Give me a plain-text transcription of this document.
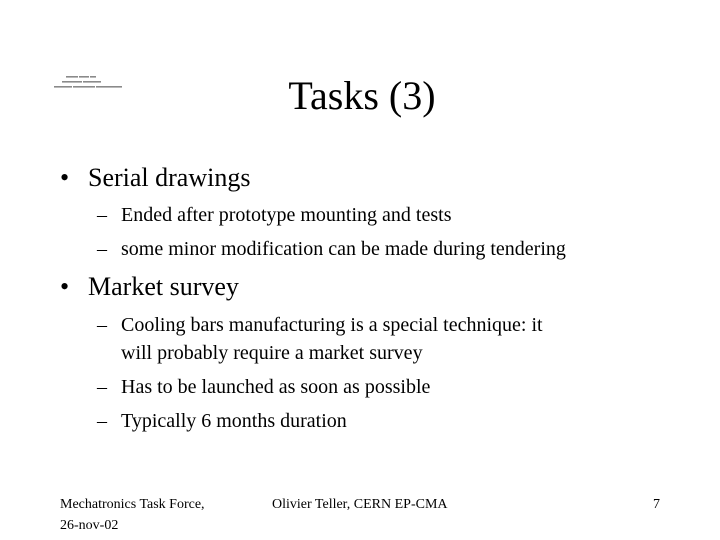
Tasks (3)
• Serial drawings
– Ended after prototype mounting and tests
– some minor modification can be made during tendering
• Market survey
– Cooling bars manufacturing is a special technique: it
will probably require a market survey
– Has to be launched as soon as possible
– Typically 6 months duration
Mechatronics Task Force,
26-nov-02
Olivier Teller, CERN EP-CMA	7
